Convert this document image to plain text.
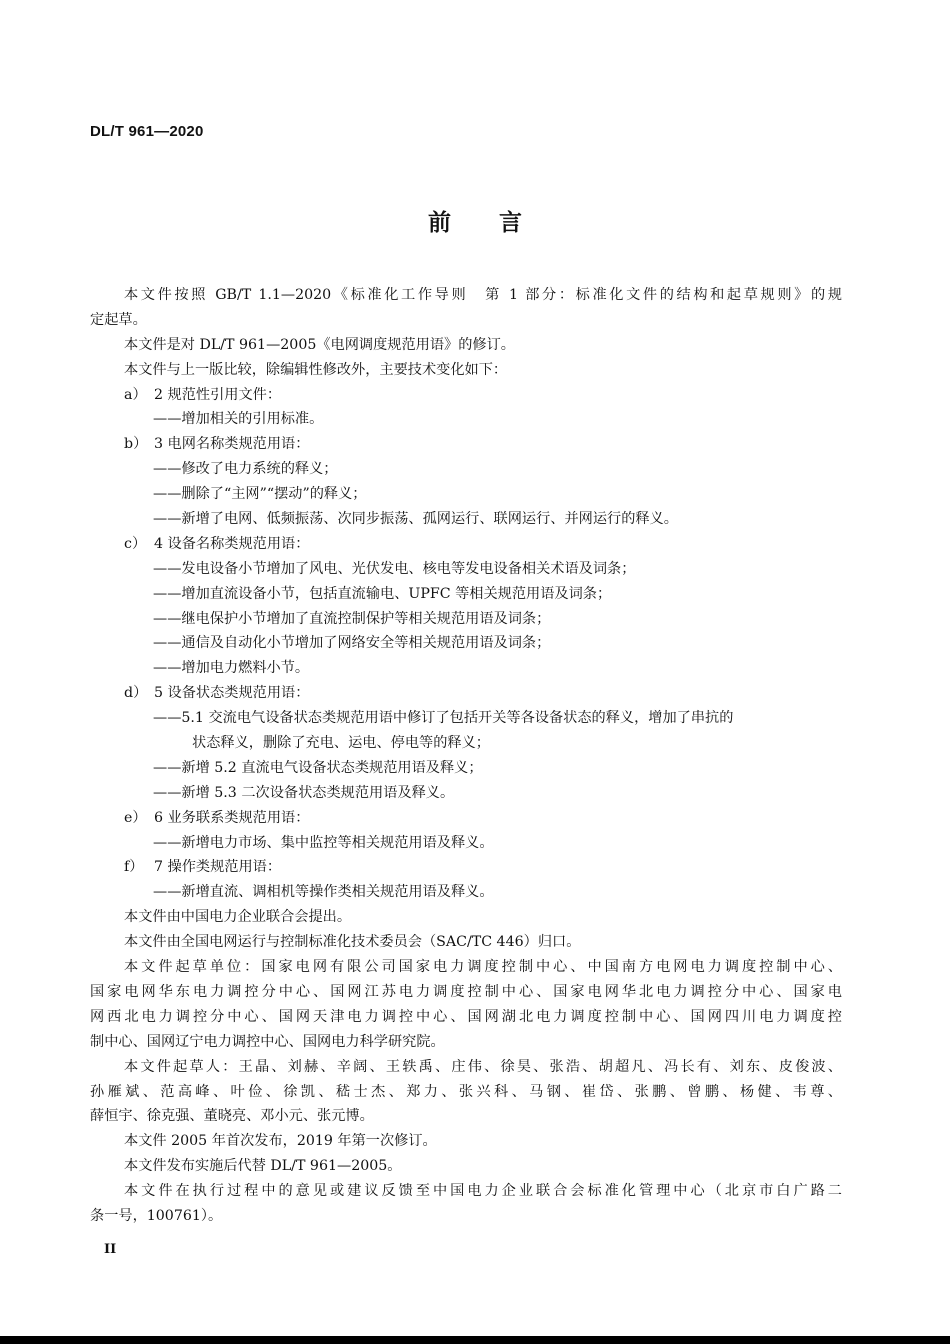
DL/T 961—2020

前言
本文件按照 GB/T 1.1—2020《标准化工作导则　第 1 部分：标准化文件的结构和起草规则》的规
定起草。
本文件是对 DL/T 961—2005《电网调度规范用语》的修订。
本文件与上一版比较，除编辑性修改外，主要技术变化如下：
a） 2 规范性引用文件：
——增加相关的引用标准。
b） 3 电网名称类规范用语：
——修改了电力系统的释义；
——删除了“主网”“摆动”的释义；
——新增了电网、低频振荡、次同步振荡、孤网运行、联网运行、并网运行的释义。
c） 4 设备名称类规范用语：
——发电设备小节增加了风电、光伏发电、核电等发电设备相关术语及词条；
——增加直流设备小节，包括直流输电、UPFC 等相关规范用语及词条；
——继电保护小节增加了直流控制保护等相关规范用语及词条；
——通信及自动化小节增加了网络安全等相关规范用语及词条；
——增加电力燃料小节。
d） 5 设备状态类规范用语：
——5.1 交流电气设备状态类规范用语中修订了包括开关等各设备状态的释义，增加了串抗的
状态释义，删除了充电、运电、停电等的释义；
——新增 5.2 直流电气设备状态类规范用语及释义；
——新增 5.3 二次设备状态类规范用语及释义。
e） 6 业务联系类规范用语：
——新增电力市场、集中监控等相关规范用语及释义。
f） 7 操作类规范用语：
——新增直流、调相机等操作类相关规范用语及释义。
本文件由中国电力企业联合会提出。
本文件由全国电网运行与控制标准化技术委员会（SAC/TC 446）归口。
本文件起草单位：国家电网有限公司国家电力调度控制中心、中国南方电网电力调度控制中心、
国家电网华东电力调控分中心、国网江苏电力调度控制中心、国家电网华北电力调控分中心、国家电
网西北电力调控分中心、国网天津电力调控中心、国网湖北电力调度控制中心、国网四川电力调度控
制中心、国网辽宁电力调控中心、国网电力科学研究院。
本文件起草人：王晶、刘赫、辛阔、王轶禹、庄伟、徐昊、张浩、胡超凡、冯长有、刘东、皮俊波、
孙雁斌、范高峰、叶俭、徐凯、嵇士杰、郑力、张兴科、马钢、崔岱、张鹏、曾鹏、杨健、韦尊、
薛恒宇、徐克强、董晓亮、邓小元、张元博。
本文件 2005 年首次发布，2019 年第一次修订。
本文件发布实施后代替 DL/T 961—2005。
本文件在执行过程中的意见或建议反馈至中国电力企业联合会标准化管理中心（北京市白广路二
条一号，100761）。

II
